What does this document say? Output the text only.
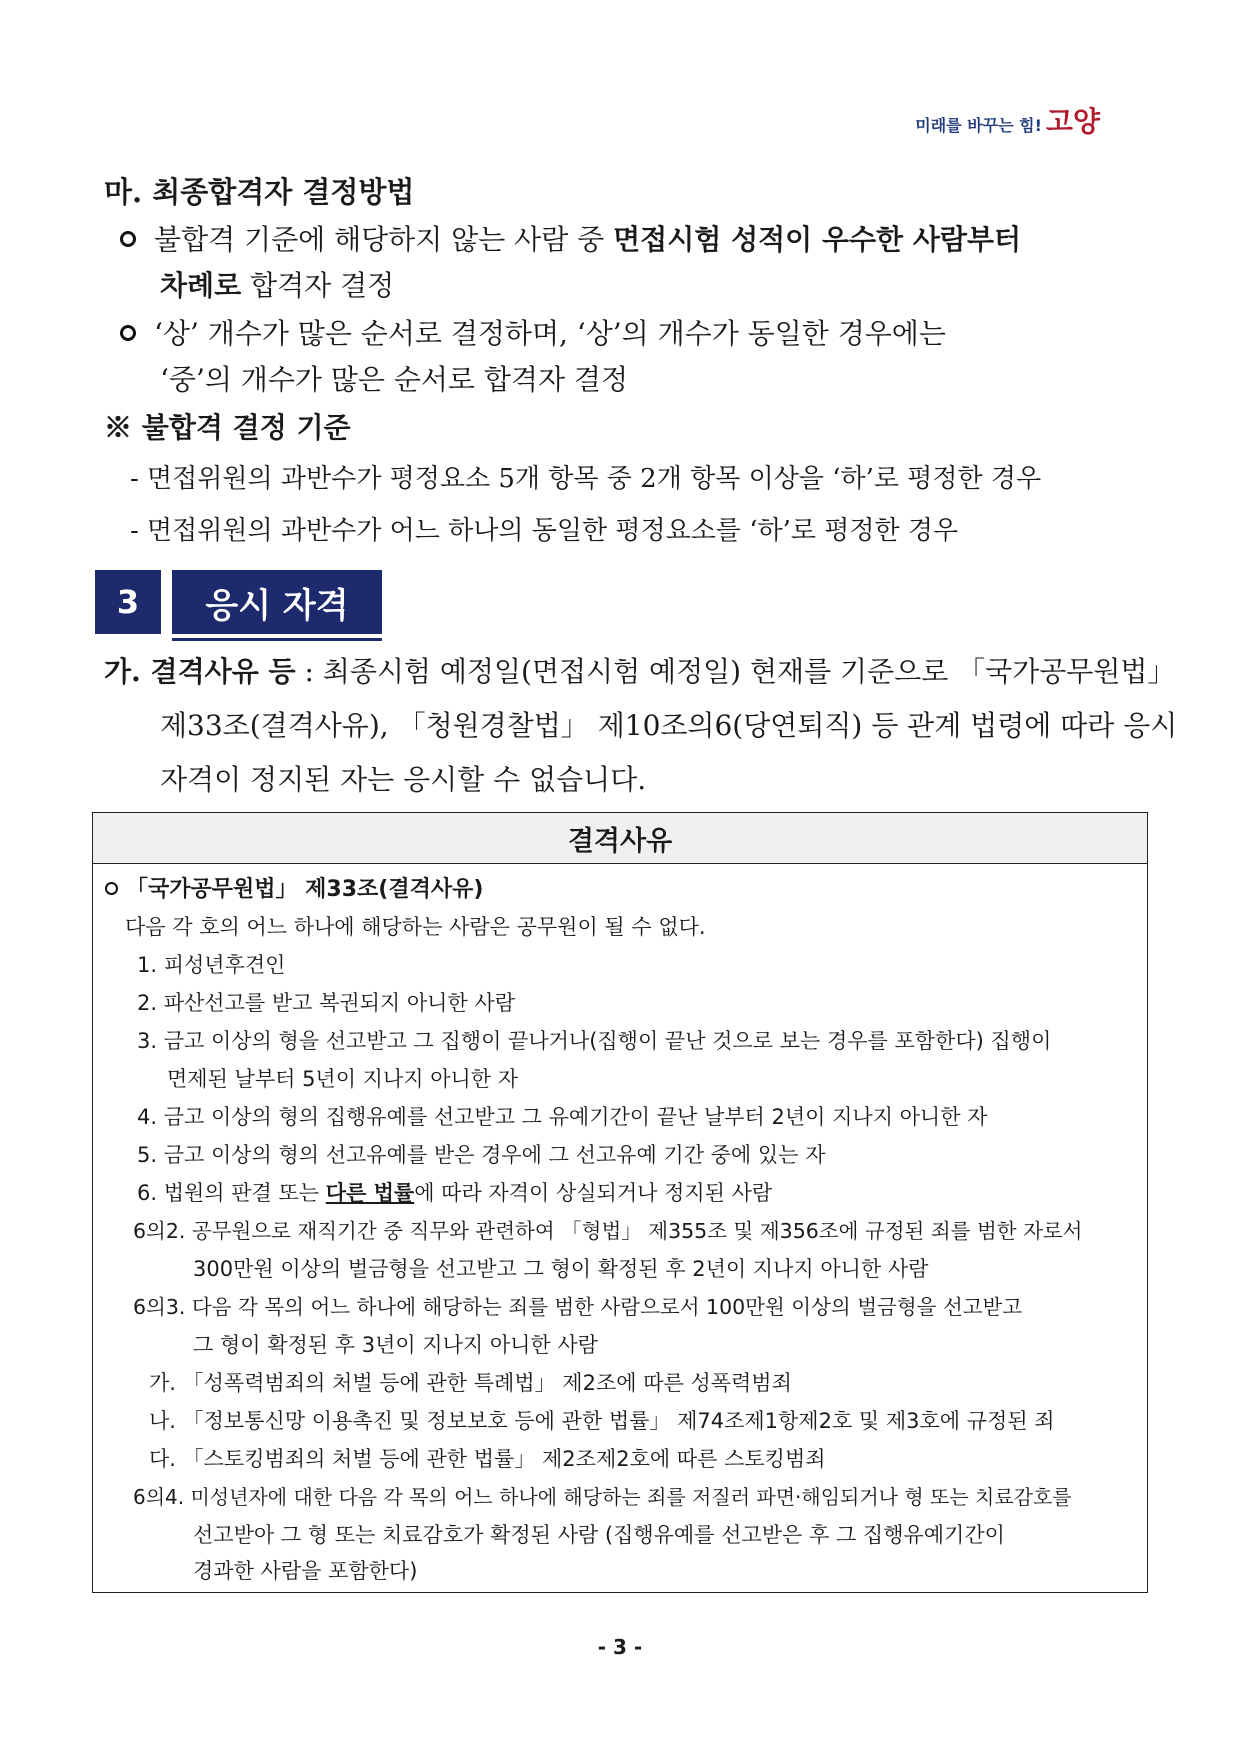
미래를 바꾸는 힘! 고양
마. 최종합격자 결정방법
불합격 기준에 해당하지 않는 사람 중 면접시험 성적이 우수한 사람부터
차례로 합격자 결정
‘상’ 개수가 많은 순서로 결정하며, ‘상’의 개수가 동일한 경우에는
‘중’의 개수가 많은 순서로 합격자 결정
※ 불합격 결정 기준
- 면접위원의 과반수가 평정요소 5개 항목 중 2개 항목 이상을 ‘하’로 평정한 경우
- 면접위원의 과반수가 어느 하나의 동일한 평정요소를 ‘하’로 평정한 경우
3	응시 자격
가. 결격사유 등 : 최종시험 예정일(면접시험 예정일) 현재를 기준으로 「국가공무원법」
제33조(결격사유), 「청원경찰법」 제10조의6(당연퇴직) 등 관계 법령에 따라 응시
자격이 정지된 자는 응시할 수 없습니다.
결격사유
「국가공무원법」 제33조(결격사유)
다음 각 호의 어느 하나에 해당하는 사람은 공무원이 될 수 없다.
1. 피성년후견인
2. 파산선고를 받고 복권되지 아니한 사람
3. 금고 이상의 형을 선고받고 그 집행이 끝나거나(집행이 끝난 것으로 보는 경우를 포함한다) 집행이
면제된 날부터 5년이 지나지 아니한 자
4. 금고 이상의 형의 집행유예를 선고받고 그 유예기간이 끝난 날부터 2년이 지나지 아니한 자
5. 금고 이상의 형의 선고유예를 받은 경우에 그 선고유예 기간 중에 있는 자
6. 법원의 판결 또는 다른 법률에 따라 자격이 상실되거나 정지된 사람
6의2. 공무원으로 재직기간 중 직무와 관련하여 「형법」 제355조 및 제356조에 규정된 죄를 범한 자로서
300만원 이상의 벌금형을 선고받고 그 형이 확정된 후 2년이 지나지 아니한 사람
6의3. 다음 각 목의 어느 하나에 해당하는 죄를 범한 사람으로서 100만원 이상의 벌금형을 선고받고
그 형이 확정된 후 3년이 지나지 아니한 사람
가. 「성폭력범죄의 처벌 등에 관한 특례법」 제2조에 따른 성폭력범죄
나. 「정보통신망 이용촉진 및 정보보호 등에 관한 법률」 제74조제1항제2호 및 제3호에 규정된 죄
다. 「스토킹범죄의 처벌 등에 관한 법률」 제2조제2호에 따른 스토킹범죄
6의4. 미성년자에 대한 다음 각 목의 어느 하나에 해당하는 죄를 저질러 파면·해임되거나 형 또는 치료감호를
선고받아 그 형 또는 치료감호가 확정된 사람 (집행유예를 선고받은 후 그 집행유예기간이
경과한 사람을 포함한다)
- 3 -
